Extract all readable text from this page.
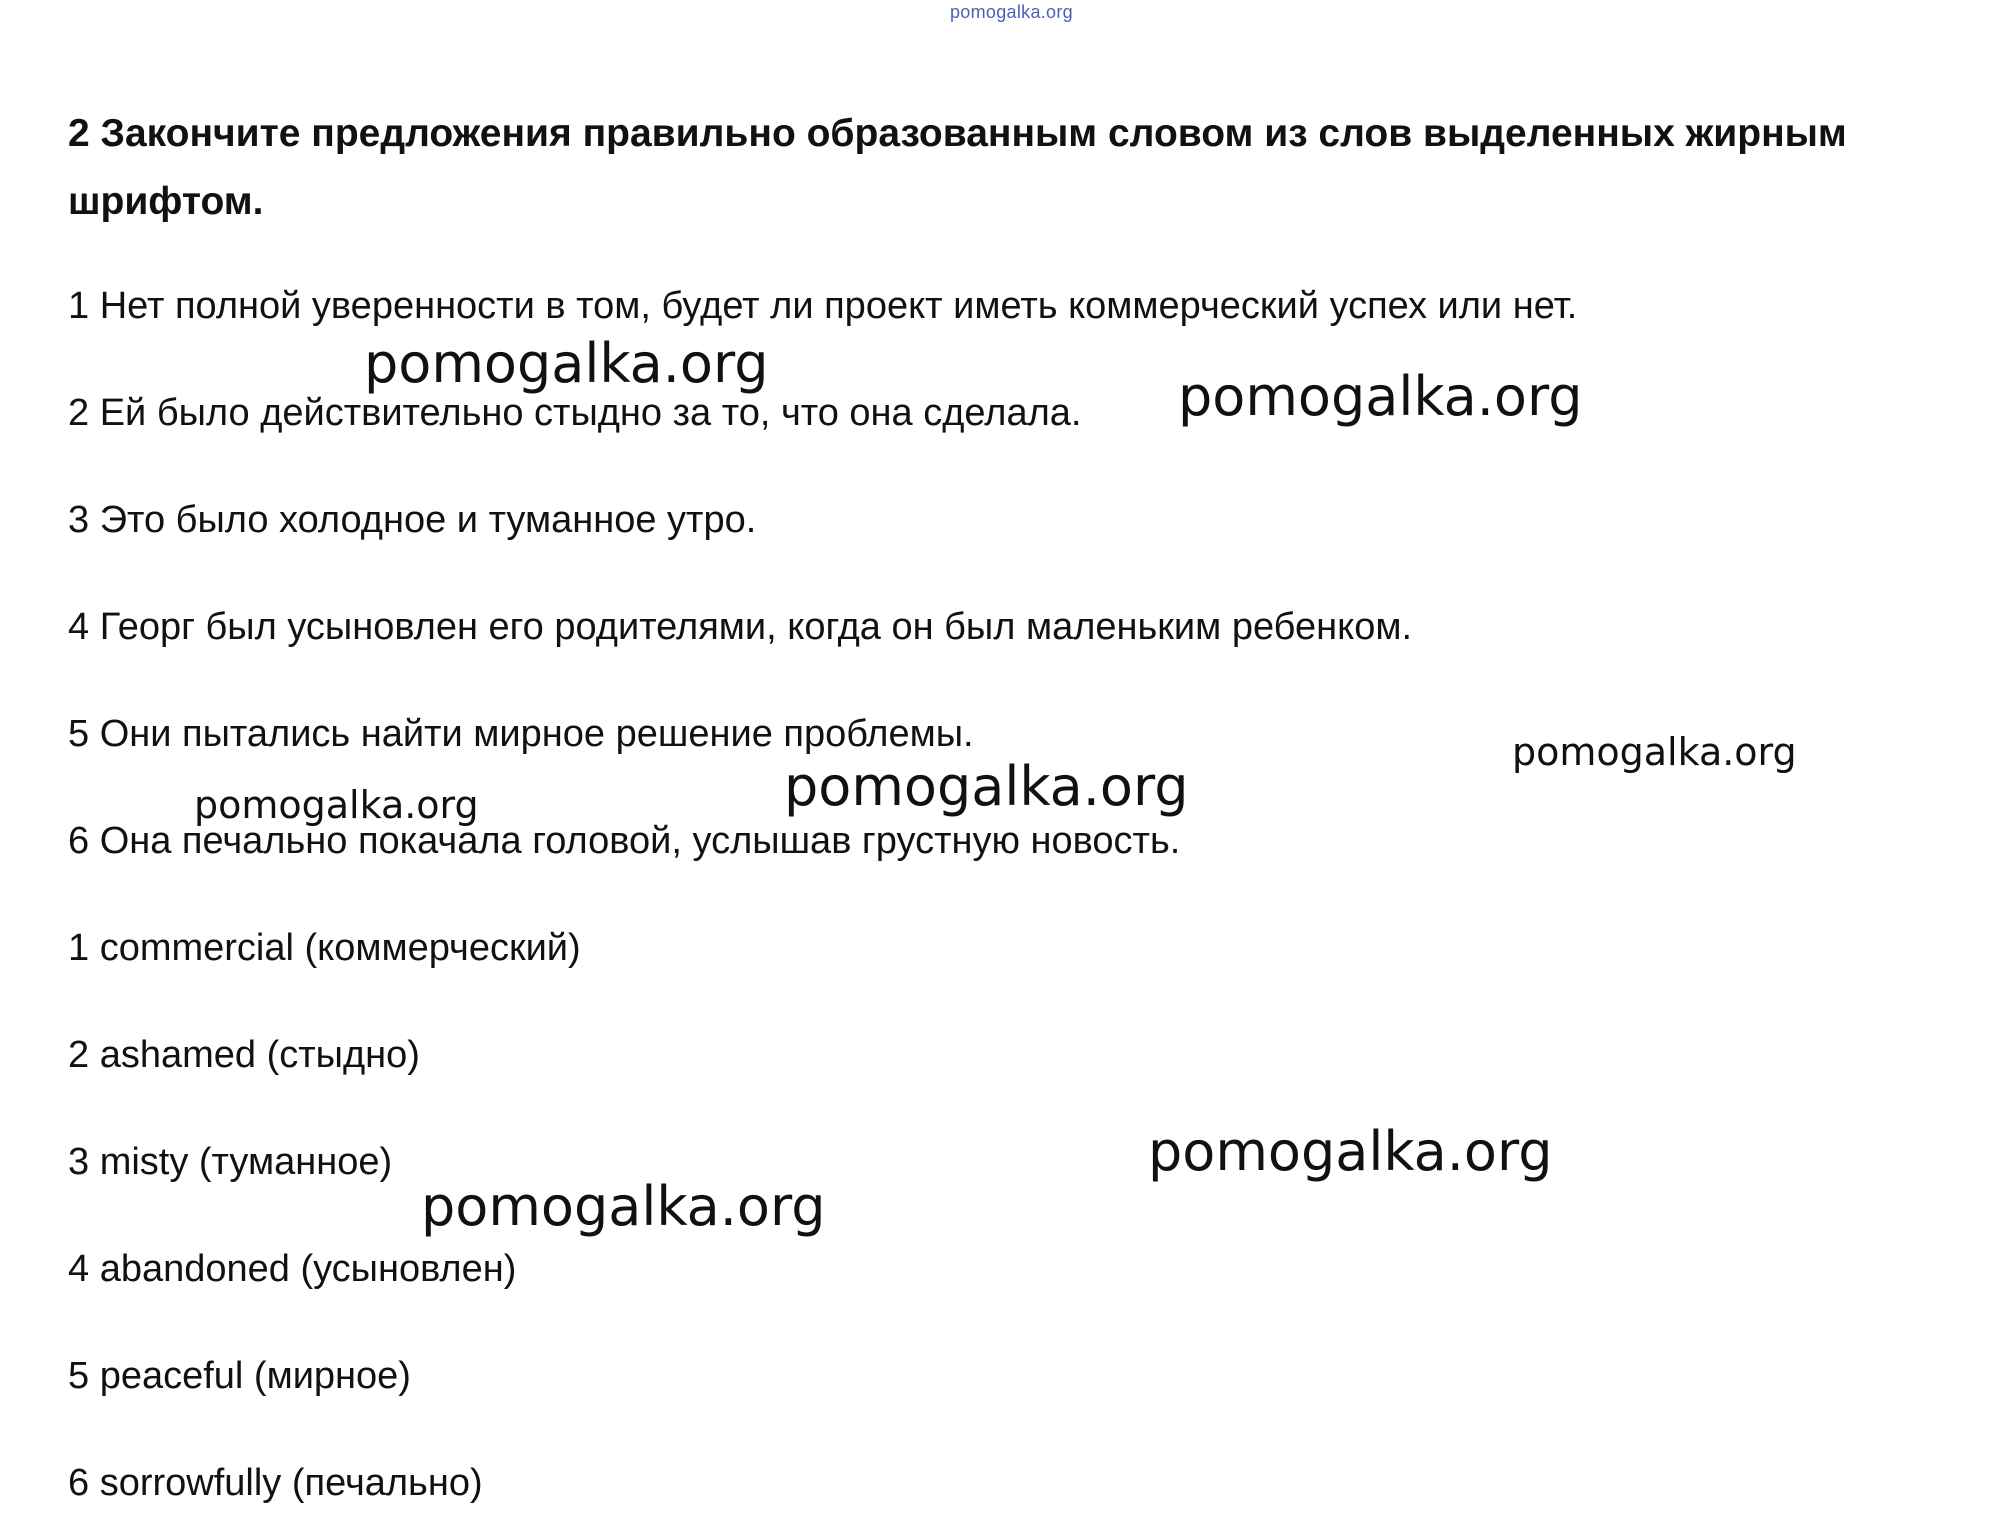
pomogalka.org
2 Закончите предложения правильно образованным словом из слов выделенных жирным шрифтом.
1 Нет полной уверенности в том, будет ли проект иметь коммерческий успех или нет.
2 Ей было действительно стыдно за то, что она сделала.
3 Это было холодное и туманное утро.
4 Георг был усыновлен его родителями, когда он был маленьким ребенком.
5 Они пытались найти мирное решение проблемы.
6 Она печально покачала головой, услышав грустную новость.
1 commercial (коммерческий)
2 ashamed (стыдно)
3 misty (туманное)
4 abandoned (усыновлен)
5 peaceful (мирное)
6 sorrowfully (печально)
pomogalka.org
pomogalka.org
pomogalka.org
pomogalka.org	pomogalka.org
pomogalka.org
pomogalka.org
